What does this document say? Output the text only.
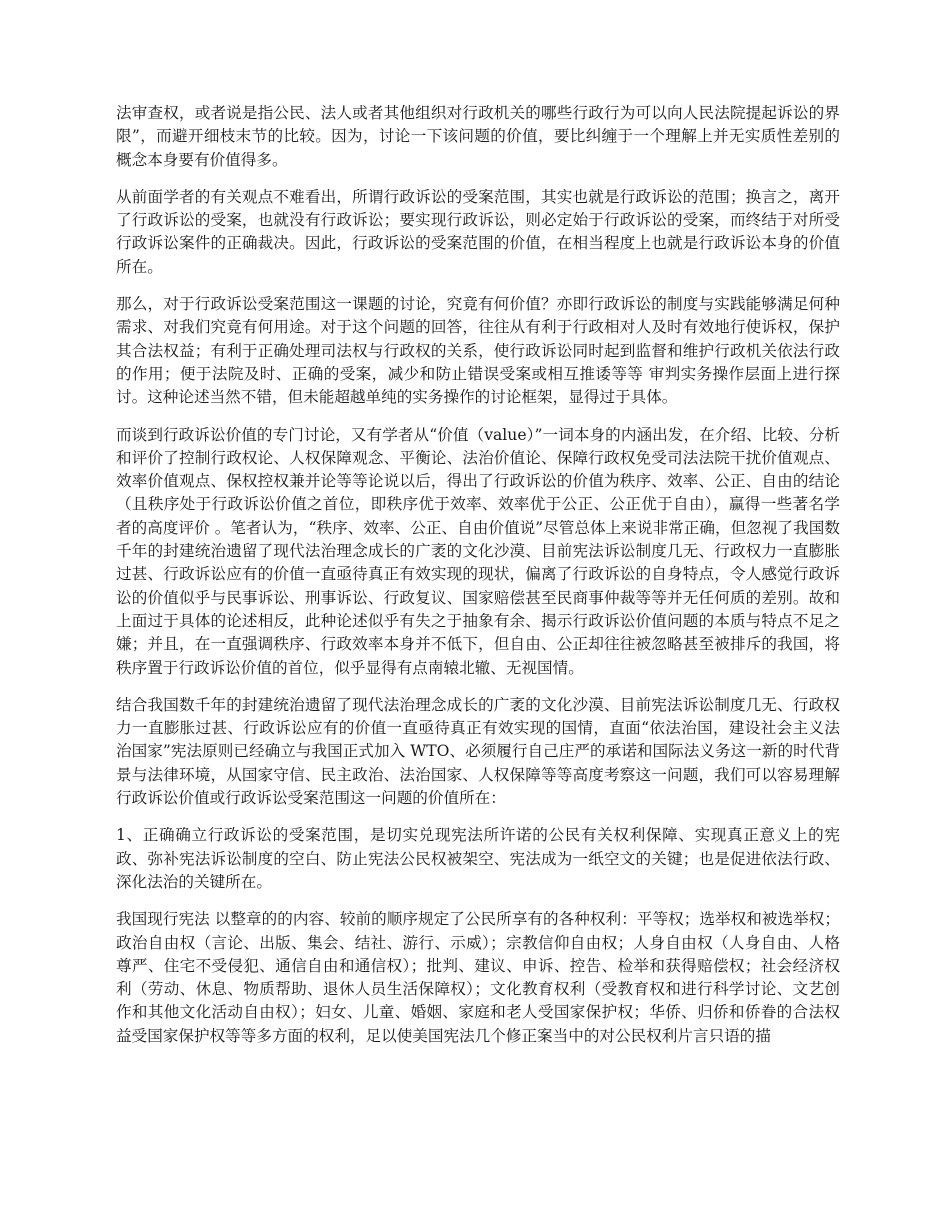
法审查权，或者说是指公民、法人或者其他组织对行政机关的哪些行政行为可以向人民法院提起诉讼的界限”，而避开细枝末节的比较。因为，讨论一下该问题的价值，要比纠缠于一个理解上并无实质性差别的概念本身要有价值得多。

从前面学者的有关观点不难看出，所谓行政诉讼的受案范围，其实也就是行政诉讼的范围；换言之，离开了行政诉讼的受案，也就没有行政诉讼；要实现行政诉讼，则必定始于行政诉讼的受案，而终结于对所受行政诉讼案件的正确裁决。因此，行政诉讼的受案范围的价值，在相当程度上也就是行政诉讼本身的价值所在。

那么，对于行政诉讼受案范围这一课题的讨论，究竟有何价值？亦即行政诉讼的制度与实践能够满足何种需求、对我们究竟有何用途。对于这个问题的回答，往往从有利于行政相对人及时有效地行使诉权，保护其合法权益；有利于正确处理司法权与行政权的关系，使行政诉讼同时起到监督和维护行政机关依法行政的作用；便于法院及时、正确的受案，减少和防止错误受案或相互推诿等等 审判实务操作层面上进行探讨。这种论述当然不错，但未能超越单纯的实务操作的讨论框架，显得过于具体。

而谈到行政诉讼价值的专门讨论，又有学者从“价值（value）”一词本身的内涵出发，在介绍、比较、分析和评价了控制行政权论、人权保障观念、平衡论、法治价值论、保障行政权免受司法法院干扰价值观点、效率价值观点、保权控权兼并论等等论说以后，得出了行政诉讼的价值为秩序、效率、公正、自由的结论（且秩序处于行政诉讼价值之首位，即秩序优于效率、效率优于公正、公正优于自由），赢得一些著名学者的高度评价 。笔者认为，“秩序、效率、公正、自由价值说”尽管总体上来说非常正确，但忽视了我国数千年的封建统治遗留了现代法治理念成长的广袤的文化沙漠、目前宪法诉讼制度几无、行政权力一直膨胀过甚、行政诉讼应有的价值一直亟待真正有效实现的现状，偏离了行政诉讼的自身特点，令人感觉行政诉讼的价值似乎与民事诉讼、刑事诉讼、行政复议、国家赔偿甚至民商事仲裁等等并无任何质的差别。故和上面过于具体的论述相反，此种论述似乎有失之于抽象有余、揭示行政诉讼价值问题的本质与特点不足之嫌；并且，在一直强调秩序、行政效率本身并不低下，但自由、公正却往往被忽略甚至被排斥的我国，将秩序置于行政诉讼价值的首位，似乎显得有点南辕北辙、无视国情。

结合我国数千年的封建统治遗留了现代法治理念成长的广袤的文化沙漠、目前宪法诉讼制度几无、行政权力一直膨胀过甚、行政诉讼应有的价值一直亟待真正有效实现的国情，直面“依法治国，建设社会主义法治国家”宪法原则已经确立与我国正式加入 WTO、必须履行自己庄严的承诺和国际法义务这一新的时代背景与法律环境，从国家守信、民主政治、法治国家、人权保障等等高度考察这一问题，我们可以容易理解行政诉讼价值或行政诉讼受案范围这一问题的价值所在：

1、正确确立行政诉讼的受案范围，是切实兑现宪法所许诺的公民有关权利保障、实现真正意义上的宪政、弥补宪法诉讼制度的空白、防止宪法公民权被架空、宪法成为一纸空文的关键；也是促进依法行政、深化法治的关键所在。

我国现行宪法 以整章的的内容、较前的顺序规定了公民所享有的各种权利：平等权；选举权和被选举权；政治自由权（言论、出版、集会、结社、游行、示威）；宗教信仰自由权；人身自由权（人身自由、人格尊严、住宅不受侵犯、通信自由和通信权）；批判、建议、申诉、控告、检举和获得赔偿权；社会经济权利（劳动、休息、物质帮助、退休人员生活保障权）；文化教育权利（受教育权和进行科学讨论、文艺创作和其他文化活动自由权）；妇女、儿童、婚姻、家庭和老人受国家保护权；华侨、归侨和侨眷的合法权益受国家保护权等等多方面的权利，足以使美国宪法几个修正案当中的对公民权利片言只语的描
